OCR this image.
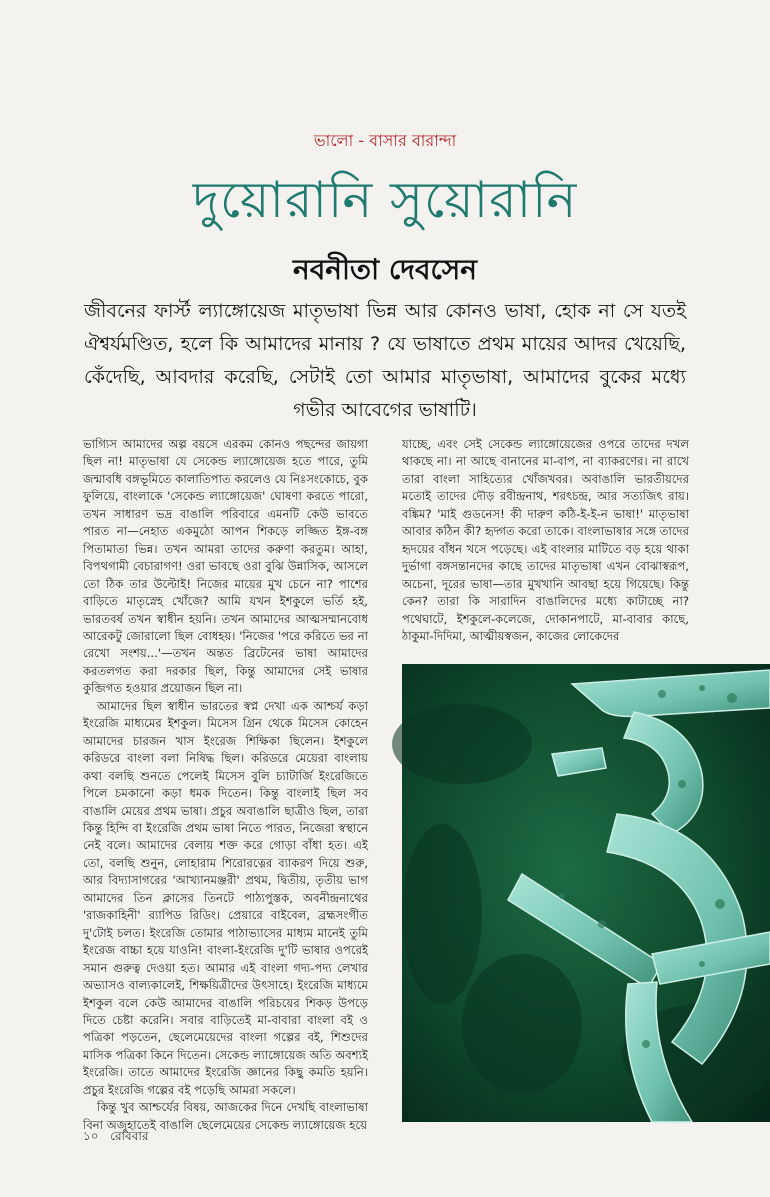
ভালো - বাসার বারান্দা
দুয়োরানি সুয়োরানি
নবনীতা দেবসেন
জীবনের ফার্স্ট ল্যাঙ্গোয়েজ মাতৃভাষা ভিন্ন আর কোনও ভাষা, হোক না সে যতই ঐশ্বর্যমণ্ডিত, হলে কি আমাদের মানায় ? যে ভাষাতে প্রথম মায়ের আদর খেয়েছি, কেঁদেছি, আবদার করেছি, সেটাই তো আমার মাতৃভাষা, আমাদের বুকের মধ্যে গভীর আবেগের ভাষাটি।

ভাগ্যিস আমাদের অল্প বয়সে এরকম কোনও পছন্দের জায়গা ছিল না! মাতৃভাষা যে সেকেন্ড ল্যাঙ্গোয়েজ হতে পারে, তুমি জন্মাবধি বঙ্গভূমিতে কালাতিপাত করলেও যে নিঃসংকোচে, বুক ফুলিয়ে, বাংলাকে 'সেকেন্ড ল্যাঙ্গোয়েজ' ঘোষণা করতে পারো, তখন সাধারণ ভদ্র বাঙালি পরিবারে এমনটি কেউ ভাবতে পারত না—নেহাত একমুঠো আপন শিকড়ে লজ্জিত ইঙ্গ-বঙ্গ পিতামাতা ভিন্ন। তখন আমরা তাদের করুণা করতুম। আহা, বিপথগামী বেচারাগণ! ওরা ভাবছে ওরা বুঝি উন্নাসিক, আসলে তো ঠিক তার উল্টোই! নিজের মায়ের মুখ চেনে না? পাশের বাড়িতে মাতৃস্নেহ খোঁজে? আমি যখন ইশকুলে ভর্তি হই, ভারতবর্ষ তখন স্বাধীন হয়নি। তখন আমাদের আত্মসম্মানবোধ আরেকটু জোরালো ছিল বোধহয়। 'নিজের 'পরে করিতে ভর না রেখো সংশয়...'—তখন অন্তত ব্রিটেনের ভাষা আমাদের করতলগত করা দরকার ছিল, কিন্তু আমাদের সেই ভাষার কুব্জিগত হওয়ার প্রয়োজন ছিল না।

আমাদের ছিল স্বাধীন ভারতের স্বপ্ন দেখা এক আশ্চর্য কড়া ইংরেজি মাধ্যমের ইশকুল। মিসেস গ্রিন থেকে মিসেস কোহেন আমাদের চারজন খাস ইংরেজ শিক্ষিকা ছিলেন। ইশকুলে করিডরে বাংলা বলা নিষিদ্ধ ছিল। করিডরে মেয়েরা বাংলায় কথা বলছি শুনতে পেলেই মিসেস বুলি চ্যাটার্জি ইংরেজিতে পিলে চমকানো কড়া ধমক দিতেন। কিন্তু বাংলাই ছিল সব বাঙালি মেয়ের প্রথম ভাষা। প্রচুর অবাঙালি ছাত্রীও ছিল, তারা কিন্তু হিন্দি বা ইংরেজি প্রথম ভাষা নিতে পারত, নিজেরা স্বস্থানে নেই বলে। আমাদের বেলায় শক্ত করে গোড়া বাঁধা হত। এই তো, বলছি শুনুন, লোহারাম শিরোরত্নের ব্যাকরণ দিয়ে শুরু, আর বিদ্যাসাগরের 'আখ্যানমঞ্জরী' প্রথম, দ্বিতীয়, তৃতীয় ভাগ আমাদের তিন ক্লাসের তিনটে পাঠ্যপুস্তক, অবনীন্দ্রনাথের 'রাজকাহিনী' র‍্যাপিড রিডিং। প্রেয়ারে বাইবেল, ব্রহ্মসংগীত দু'টোই চলত। ইংরেজি তোমার পাঠাভ্যাসের মাধ্যম মানেই তুমি ইংরেজ বাচ্চা হয়ে যাওনি! বাংলা-ইংরেজি দু'টি ভাষার ওপরেই সমান গুরুত্ব দেওয়া হত। আমার এই বাংলা গদ্য-পদ্য লেখার অভ্যাসও বাল্যকালেই, শিক্ষয়িত্রীদের উৎসাহে। ইংরেজি মাধ্যমে ইশকুল বলে কেউ আমাদের বাঙালি পরিচয়ের শিকড় উপড়ে দিতে চেষ্টা করেনি। সবার বাড়িতেই মা-বাবারা বাংলা বই ও পত্রিকা পড়তেন, ছেলেমেয়েদের বাংলা গল্পের বই, শিশুদের মাসিক পত্রিকা কিনে দিতেন। সেকেন্ড ল্যাঙ্গোয়েজ অতি অবশ্যই ইংরেজি। তাতে আমাদের ইংরেজি জ্ঞানের কিছু কমতি হয়নি। প্রচুর ইংরেজি গল্পের বই পড়েছি আমরা সকলে।

কিন্তু খুব আশ্চর্যের বিষয়, আজকের দিনে দেখছি বাংলাভাষা বিনা অজুহাতেই বাঙালি ছেলেমেয়ের সেকেন্ড ল্যাঙ্গোয়েজ হয়ে

যাচ্ছে, এবং সেই সেকেন্ড ল্যাঙ্গোয়েজের ওপরে তাদের দখল থাকছে না। না আছে বানানের মা-বাপ, না ব্যাকরণের। না রাখে তারা বাংলা সাহিত্যের খোঁজখবর। অবাঙালি ভারতীয়দের মতোই তাদের দৌড় রবীন্দ্রনাথ, শরৎচন্দ্র, আর সত্যজিৎ রায়। বঙ্কিম? 'মাই গুডনেস! কী দারুণ কঠি-ই-ই-ন ভাষা!' মাতৃভাষা আবার কঠিন কী? হৃদ্গত করো তাকে। বাংলাভাষার সঙ্গে তাদের হৃদয়ের বাঁধন খসে পড়েছে। এই বাংলার মাটিতে বড় হয়ে থাকা দুর্ভাগা বঙ্গসন্তানদের কাছে তাদের মাতৃভাষা এখন বোঝাস্বরূপ, অচেনা, দূরের ভাষা—তার মুখখানি আবছা হয়ে গিয়েছে। কিন্তু কেন? তারা কি সারাদিন বাঙালিদের মধ্যে কাটাচ্ছে না? পথেঘাটে, ইশকুলে-কলেজে, দোকানপাটে, মা-বাবার কাছে, ঠাকুমা-দিদিমা, আত্মীয়স্বজন, কাজের লোকেদের

১০ রোববার
